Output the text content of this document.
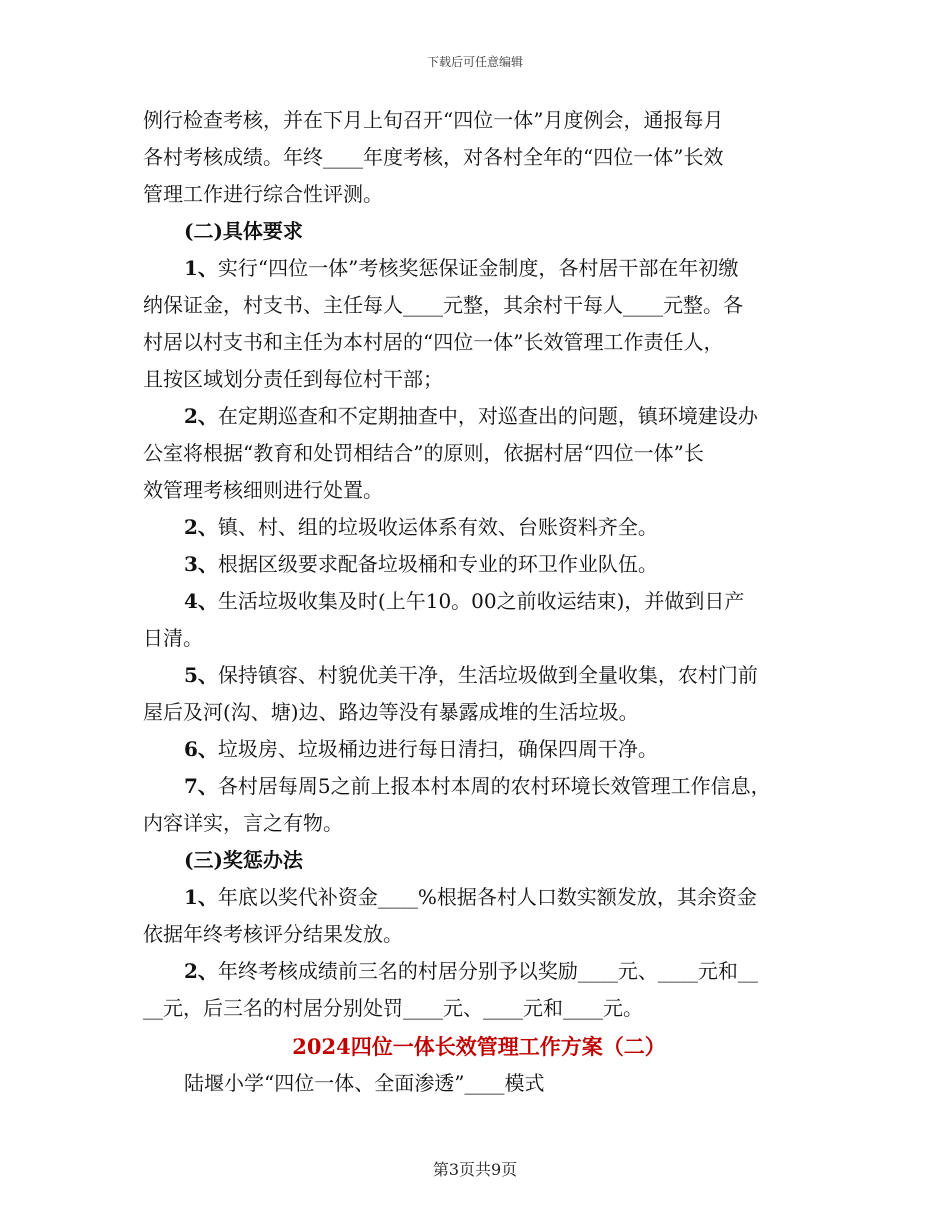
下载后可任意编辑
例行检查考核，并在下月上旬召开“四位一体”月度例会，通报每月
各村考核成绩。年终____年度考核，对各村全年的“四位一体”长效
管理工作进行综合性评测。
(二)具体要求
1、实行“四位一体”考核奖惩保证金制度，各村居干部在年初缴
纳保证金，村支书、主任每人____元整，其余村干每人____元整。各
村居以村支书和主任为本村居的“四位一体”长效管理工作责任人，
且按区域划分责任到每位村干部；
2、在定期巡查和不定期抽查中，对巡查出的问题，镇环境建设办
公室将根据“教育和处罚相结合”的原则，依据村居“四位一体”长
效管理考核细则进行处置。
2、镇、村、组的垃圾收运体系有效、台账资料齐全。
3、根据区级要求配备垃圾桶和专业的环卫作业队伍。
4、生活垃圾收集及时(上午10。00之前收运结束)，并做到日产
日清。
5、保持镇容、村貌优美干净，生活垃圾做到全量收集，农村门前
屋后及河(沟、塘)边、路边等没有暴露成堆的生活垃圾。
6、垃圾房、垃圾桶边进行每日清扫，确保四周干净。
7、各村居每周5之前上报本村本周的农村环境长效管理工作信息，
内容详实，言之有物。
(三)奖惩办法
1、年底以奖代补资金____%根据各村人口数实额发放，其余资金
依据年终考核评分结果发放。
2、年终考核成绩前三名的村居分别予以奖励____元、____元和__
__元，后三名的村居分别处罚____元、____元和____元。
2024四位一体长效管理工作方案（二）
陆堰小学“四位一体、全面渗透”____模式
第3页共9页
